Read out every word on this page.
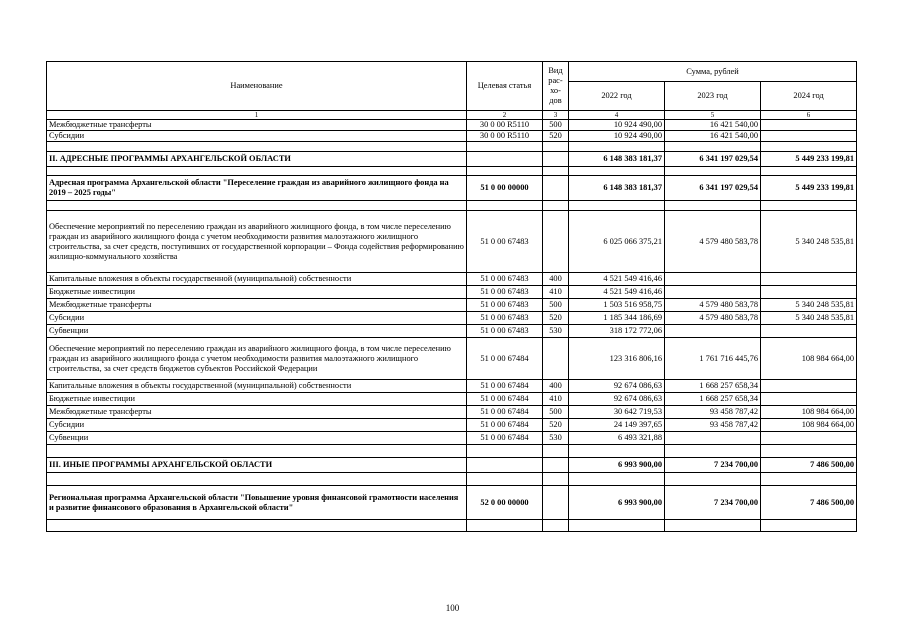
Наименование	Целевая статья	Вид рас-хо-дов	Сумма, рублей		
			2022 год	2023 год	2024 год
1	2	3	4	5	6
Межбюджетные трансферты	30 0 00 R5110	500	10 924 490,00	16 421 540,00	
Субсидии	30 0 00 R5110	520	10 924 490,00	16 421 540,00	

II. АДРЕСНЫЕ ПРОГРАММЫ АРХАНГЕЛЬСКОЙ ОБЛАСТИ			6 148 383 181,37	6 341 197 029,54	5 449 233 199,81

Адресная программа Архангельской области "Переселение граждан из аварийного жилищного фонда на 2019 – 2025 годы"	51 0 00 00000		6 148 383 181,37	6 341 197 029,54	5 449 233 199,81

Обеспечение мероприятий по переселению граждан из аварийного жилищного фонда, в том числе переселению граждан из аварийного жилищного фонда с учетом необходимости развития малоэтажного жилищного строительства, за счет средств, поступивших от государственной корпорации – Фонда содействия реформированию жилищно-коммунального хозяйства	51 0 00 67483		6 025 066 375,21	4 579 480 583,78	5 340 248 535,81
Капитальные вложения в объекты государственной (муниципальной) собственности	51 0 00 67483	400	4 521 549 416,46		
Бюджетные инвестиции	51 0 00 67483	410	4 521 549 416,46		
Межбюджетные трансферты	51 0 00 67483	500	1 503 516 958,75	4 579 480 583,78	5 340 248 535,81
Субсидии	51 0 00 67483	520	1 185 344 186,69	4 579 480 583,78	5 340 248 535,81
Субвенции	51 0 00 67483	530	318 172 772,06		
Обеспечение мероприятий по переселению граждан из аварийного жилищного фонда, в том числе переселению граждан из аварийного жилищного фонда с учетом необходимости развития малоэтажного жилищного строительства, за счет средств бюджетов субъектов Российской Федерации	51 0 00 67484		123 316 806,16	1 761 716 445,76	108 984 664,00
Капитальные вложения в объекты государственной (муниципальной) собственности	51 0 00 67484	400	92 674 086,63	1 668 257 658,34	
Бюджетные инвестиции	51 0 00 67484	410	92 674 086,63	1 668 257 658,34	
Межбюджетные трансферты	51 0 00 67484	500	30 642 719,53	93 458 787,42	108 984 664,00
Субсидии	51 0 00 67484	520	24 149 397,65	93 458 787,42	108 984 664,00
Субвенции	51 0 00 67484	530	6 493 321,88		

III. ИНЫЕ ПРОГРАММЫ АРХАНГЕЛЬСКОЙ ОБЛАСТИ			6 993 900,00	7 234 700,00	7 486 500,00

Региональная программа Архангельской области "Повышение уровня финансовой грамотности населения и развитие финансового образования в Архангельской области"	52 0 00 00000		6 993 900,00	7 234 700,00	7 486 500,00

100
